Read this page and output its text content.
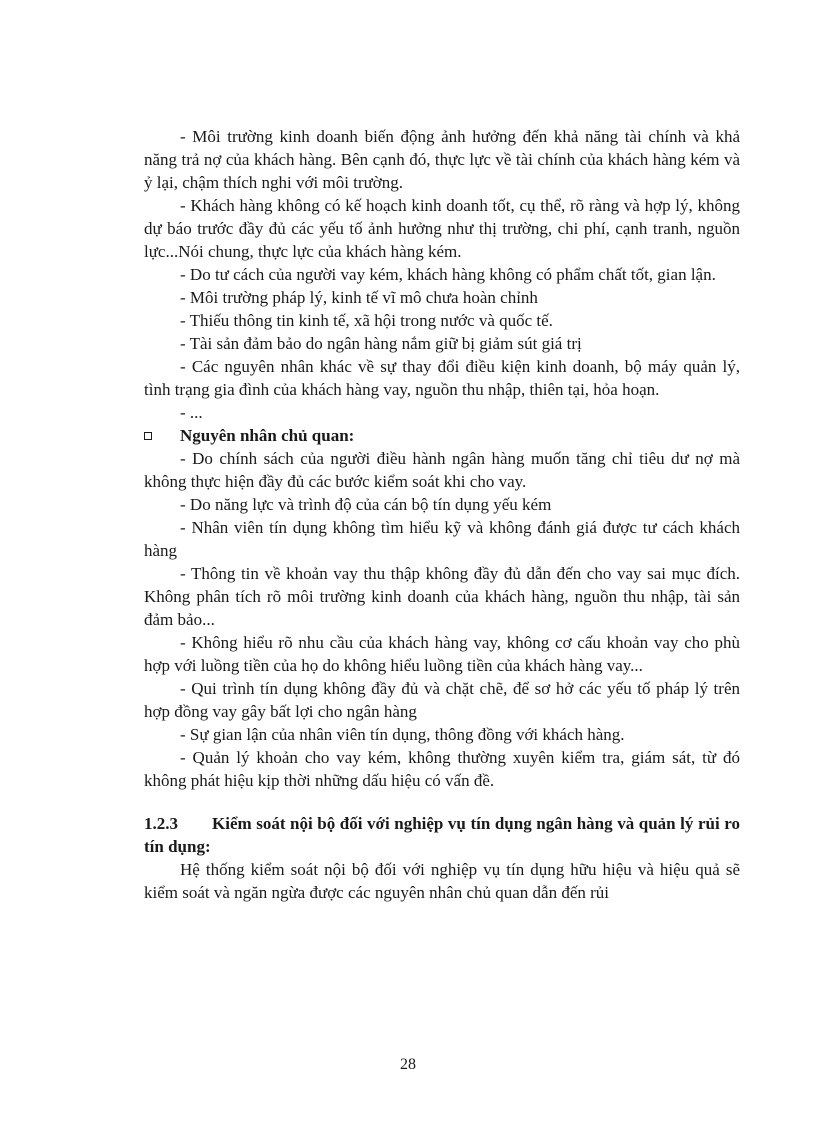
- Môi trường kinh doanh biến động ảnh hưởng đến khả năng tài chính và khả năng trả nợ của khách hàng. Bên cạnh đó, thực lực về tài chính của khách hàng kém và ỷ lại, chậm thích nghi với môi trường.

- Khách hàng không có kế hoạch kinh doanh tốt, cụ thể, rõ ràng và hợp lý, không dự báo trước đầy đủ các yếu tố ảnh hưởng như thị trường, chi phí, cạnh tranh, nguồn lực...Nói chung, thực lực của khách hàng kém.

- Do tư cách của người vay kém, khách hàng không có phẩm chất tốt, gian lận.

- Môi trường pháp lý, kinh tế vĩ mô chưa hoàn chỉnh

- Thiếu thông tin kinh tế, xã hội trong nước và quốc tế.

- Tài sản đảm bảo do ngân hàng nắm giữ bị giảm sút giá trị

- Các nguyên nhân khác về sự thay đổi điều kiện kinh doanh, bộ máy quản lý, tình trạng gia đình của khách hàng vay, nguồn thu nhập, thiên tại, hỏa hoạn.

- ...

Nguyên nhân chủ quan:

- Do chính sách của người điều hành ngân hàng muốn tăng chỉ tiêu dư nợ mà không thực hiện đầy đủ các bước kiểm soát khi cho vay.

- Do năng lực và trình độ của cán bộ tín dụng yếu kém

- Nhân viên tín dụng không tìm hiểu kỹ và không đánh giá được tư cách khách hàng

- Thông tin về khoản vay thu thập không đầy đủ dẫn đến cho vay sai mục đích. Không phân tích rõ môi trường kinh doanh của khách hàng, nguồn thu nhập, tài sản đảm bảo...

- Không hiểu rõ nhu cầu của khách hàng vay, không cơ cấu khoản vay cho phù hợp với luồng tiền của họ do không hiểu luồng tiền của khách hàng vay...

- Qui trình tín dụng không đầy đủ và chặt chẽ, để sơ hở các yếu tố pháp lý trên hợp đồng vay gây bất lợi cho ngân hàng

- Sự gian lận của nhân viên tín dụng, thông đồng với khách hàng.

- Quản lý khoản cho vay kém, không thường xuyên kiểm tra, giám sát, từ đó không phát hiệu kịp thời những dấu hiệu có vấn đề.

1.2.3 Kiểm soát nội bộ đối với nghiệp vụ tín dụng ngân hàng và quản lý rủi ro tín dụng:

Hệ thống kiểm soát nội bộ đối với nghiệp vụ tín dụng hữu hiệu và hiệu quả sẽ kiểm soát và ngăn ngừa được các nguyên nhân chủ quan dẫn đến rủi

28
